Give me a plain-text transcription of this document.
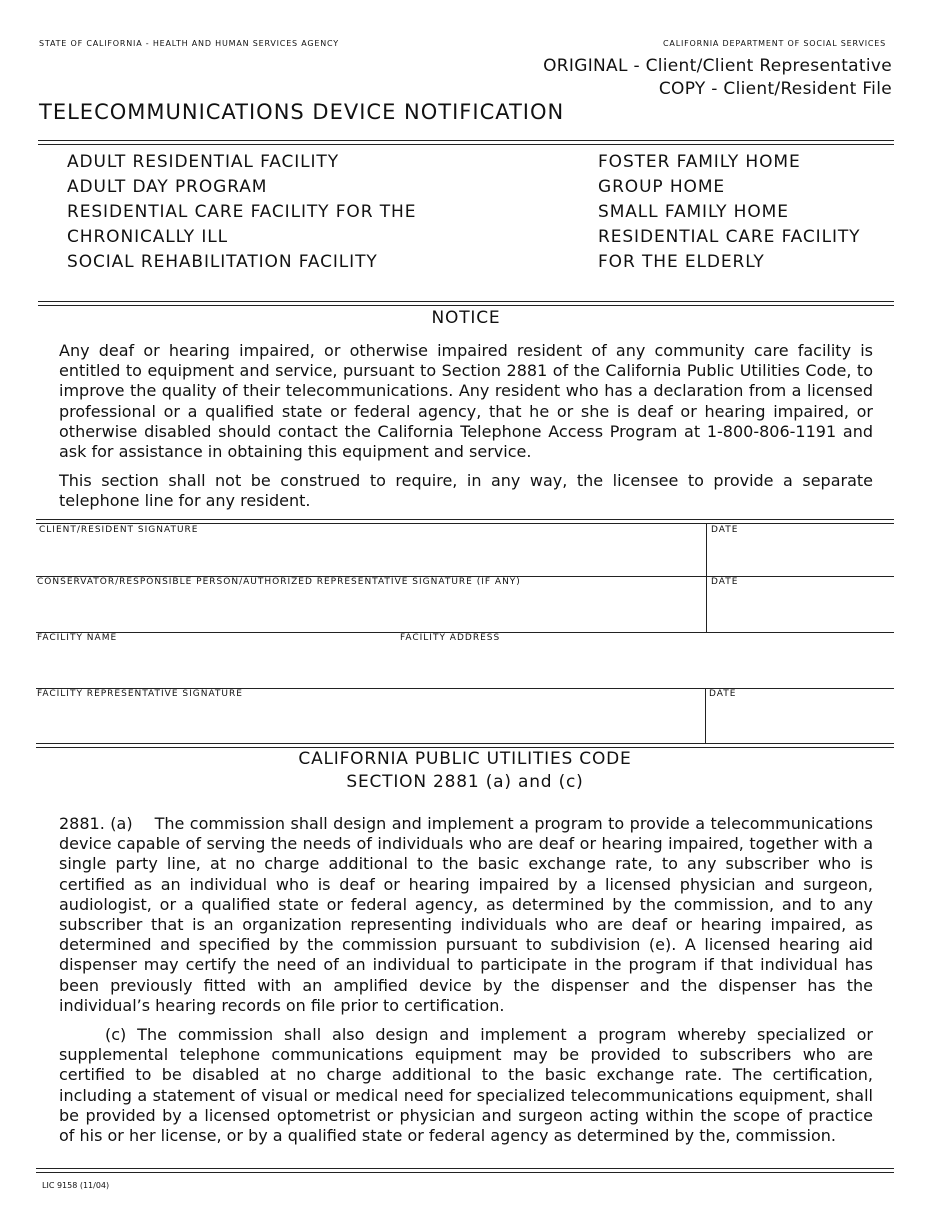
STATE OF CALIFORNIA - HEALTH AND HUMAN SERVICES AGENCY	CALIFORNIA DEPARTMENT OF SOCIAL SERVICES
ORIGINAL - Client/Client Representative
COPY - Client/Resident File
TELECOMMUNICATIONS DEVICE NOTIFICATION
ADULT RESIDENTIAL FACILITY
ADULT DAY PROGRAM
RESIDENTIAL CARE FACILITY FOR THE
CHRONICALLY ILL
SOCIAL REHABILITATION FACILITY
FOSTER FAMILY HOME
GROUP HOME
SMALL FAMILY HOME
RESIDENTIAL CARE FACILITY
FOR THE ELDERLY
NOTICE
Any deaf or hearing impaired, or otherwise impaired resident of any community care facility is entitled to equipment and service, pursuant to Section 2881 of the California Public Utilities Code, to improve the quality of their telecommunications. Any resident who has a declaration from a licensed professional or a qualified state or federal agency, that he or she is deaf or hearing impaired, or otherwise disabled should contact the California Telephone Access Program at 1-800-806-1191 and ask for assistance in obtaining this equipment and service.
This section shall not be construed to require, in any way, the licensee to provide a separate telephone line for any resident.
CLIENT/RESIDENT SIGNATURE	DATE
CONSERVATOR/RESPONSIBLE PERSON/AUTHORIZED REPRESENTATIVE SIGNATURE (IF ANY)	DATE
FACILITY NAME	FACILITY ADDRESS
FACILITY REPRESENTATIVE SIGNATURE	DATE
CALIFORNIA PUBLIC UTILITIES CODE
SECTION 2881 (a) and (c)
2881. (a) The commission shall design and implement a program to provide a telecommunications device capable of serving the needs of individuals who are deaf or hearing impaired, together with a single party line, at no charge additional to the basic exchange rate, to any subscriber who is certified as an individual who is deaf or hearing impaired by a licensed physician and surgeon, audiologist, or a qualified state or federal agency, as determined by the commission, and to any subscriber that is an organization representing individuals who are deaf or hearing impaired, as determined and specified by the commission pursuant to subdivision (e). A licensed hearing aid dispenser may certify the need of an individual to participate in the program if that individual has been previously fitted with an amplified device by the dispenser and the dispenser has the individual’s hearing records on file prior to certification.
(c) The commission shall also design and implement a program whereby specialized or supplemental telephone communications equipment may be provided to subscribers who are certified to be disabled at no charge additional to the basic exchange rate. The certification, including a statement of visual or medical need for specialized telecommunications equipment, shall be provided by a licensed optometrist or physician and surgeon acting within the scope of practice of his or her license, or by a qualified state or federal agency as determined by the, commission.
LIC 9158 (11/04)
